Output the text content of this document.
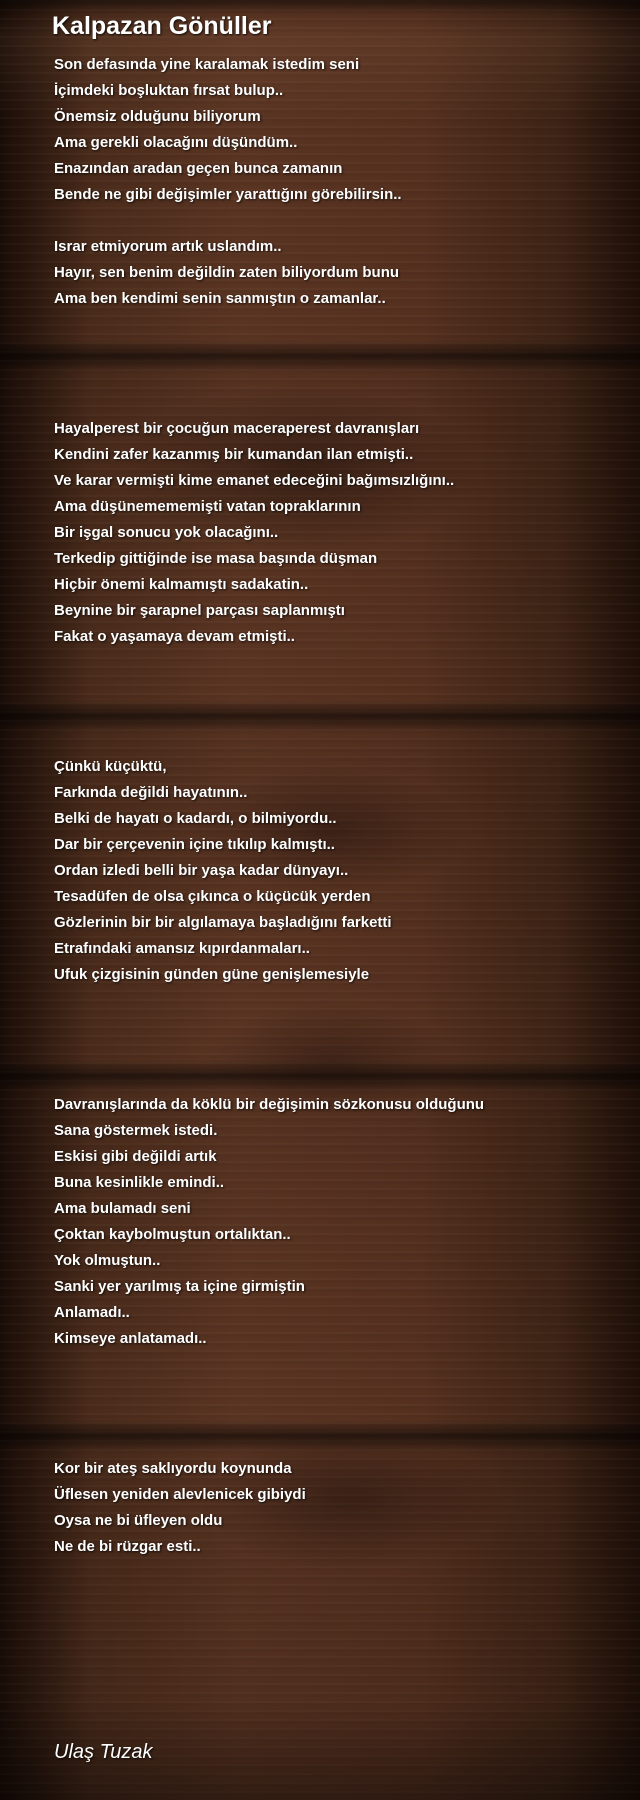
Kalpazan Gönüller
Son defasında yine karalamak istedim seni
İçimdeki boşluktan fırsat bulup..
Önemsiz olduğunu biliyorum
Ama gerekli olacağını düşündüm..
Enazından aradan geçen bunca zamanın
Bende ne gibi değişimler yarattığını görebilirsin..
Israr etmiyorum artık uslandım..
Hayır, sen benim değildin zaten biliyordum bunu
Ama ben kendimi senin sanmıştın o zamanlar..
Hayalperest bir çocuğun maceraperest davranışları
Kendini zafer kazanmış bir kumandan ilan etmişti..
Ve karar vermişti kime emanet edeceğini bağımsızlığını..
Ama düşünemememişti vatan topraklarının
Bir işgal sonucu yok olacağını..
Terkedip gittiğinde ise masa başında düşman
Hiçbir önemi kalmamıştı sadakatin..
Beynine bir şarapnel parçası saplanmıştı
Fakat o yaşamaya devam etmişti..
Çünkü küçüktü,
Farkında değildi hayatının..
Belki de hayatı o kadardı, o bilmiyordu..
Dar bir çerçevenin içine tıkılıp kalmıştı..
Ordan izledi belli bir yaşa kadar dünyayı..
Tesadüfen de olsa çıkınca o küçücük yerden
Gözlerinin bir bir algılamaya başladığını farketti
Etrafındaki amansız kıpırdanmaları..
Ufuk çizgisinin günden güne genişlemesiyle
Davranışlarında da köklü bir değişimin sözkonusu olduğunu
Sana göstermek istedi.
Eskisi gibi değildi artık
Buna kesinlikle emindi..
Ama bulamadı seni
Çoktan kaybolmuştun ortalıktan..
Yok olmuştun..
Sanki yer yarılmış ta içine girmiştin
Anlamadı..
Kimseye anlatamadı..
Kor bir ateş saklıyordu koynunda
Üflesen yeniden alevlenicek gibiydi
Oysa ne bi üfleyen oldu
Ne de bi rüzgar esti..
Ulaş Tuzak
